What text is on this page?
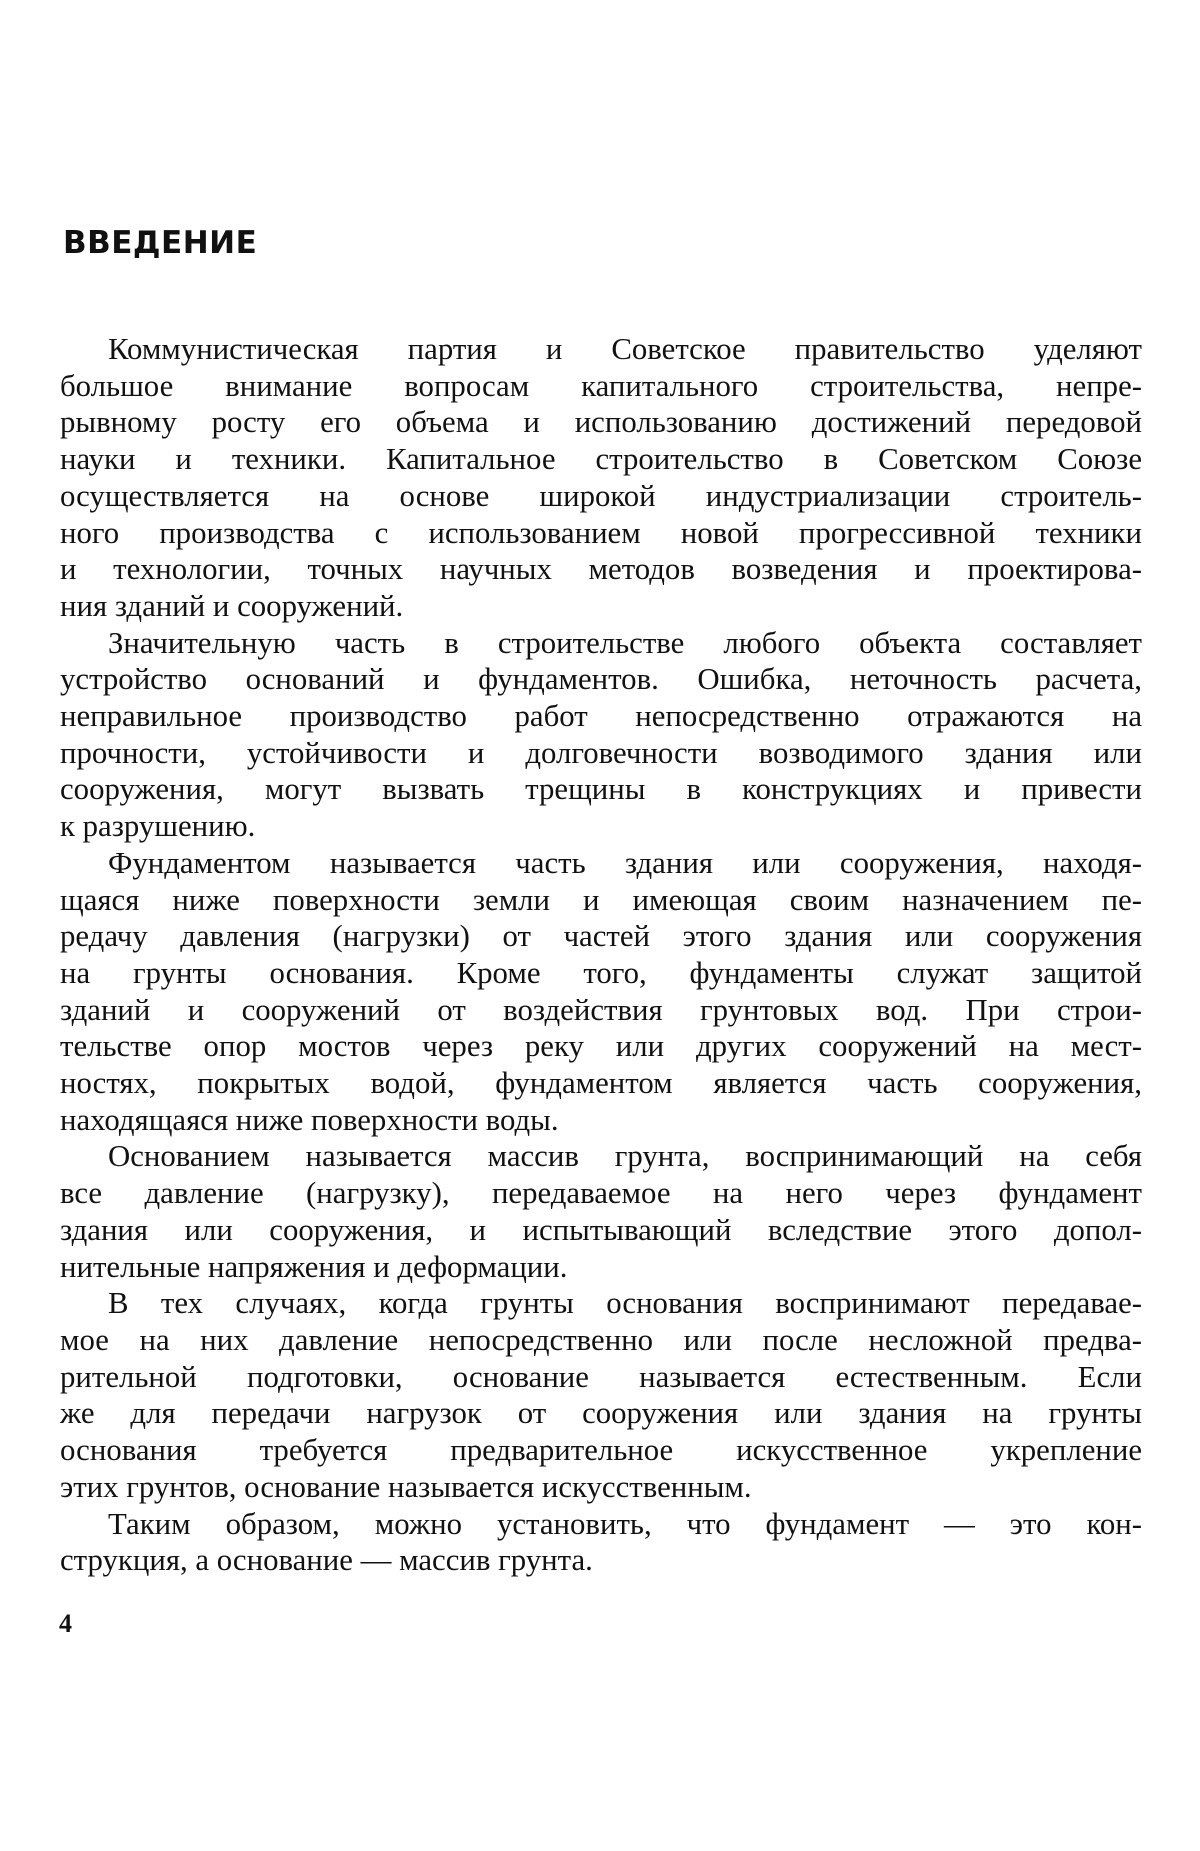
ВВЕДЕНИЕ
Коммунистическая партия и Советское правительство уделяют
большое внимание вопросам капитального строительства, непре-
рывному росту его объема и использованию достижений передовой
науки и техники. Капитальное строительство в Советском Союзе
осуществляется на основе широкой индустриализации строитель-
ного производства с использованием новой прогрессивной техники
и технологии, точных научных методов возведения и проектирова-
ния зданий и сооружений.
Значительную часть в строительстве любого объекта составляет
устройство оснований и фундаментов. Ошибка, неточность расчета,
неправильное производство работ непосредственно отражаются на
прочности, устойчивости и долговечности возводимого здания или
сооружения, могут вызвать трещины в конструкциях и привести
к разрушению.
Фундаментом называется часть здания или сооружения, находя-
щаяся ниже поверхности земли и имеющая своим назначением пе-
редачу давления (нагрузки) от частей этого здания или сооружения
на грунты основания. Кроме того, фундаменты служат защитой
зданий и сооружений от воздействия грунтовых вод. При строи-
тельстве опор мостов через реку или других сооружений на мест-
ностях, покрытых водой, фундаментом является часть сооружения,
находящаяся ниже поверхности воды.
Основанием называется массив грунта, воспринимающий на себя
все давление (нагрузку), передаваемое на него через фундамент
здания или сооружения, и испытывающий вследствие этого допол-
нительные напряжения и деформации.
В тех случаях, когда грунты основания воспринимают передавае-
мое на них давление непосредственно или после несложной предва-
рительной подготовки, основание называется естественным. Если
же для передачи нагрузок от сооружения или здания на грунты
основания требуется предварительное искусственное укрепление
этих грунтов, основание называется искусственным.
Таким образом, можно установить, что фундамент — это кон-
струкция, а основание — массив грунта.
4
